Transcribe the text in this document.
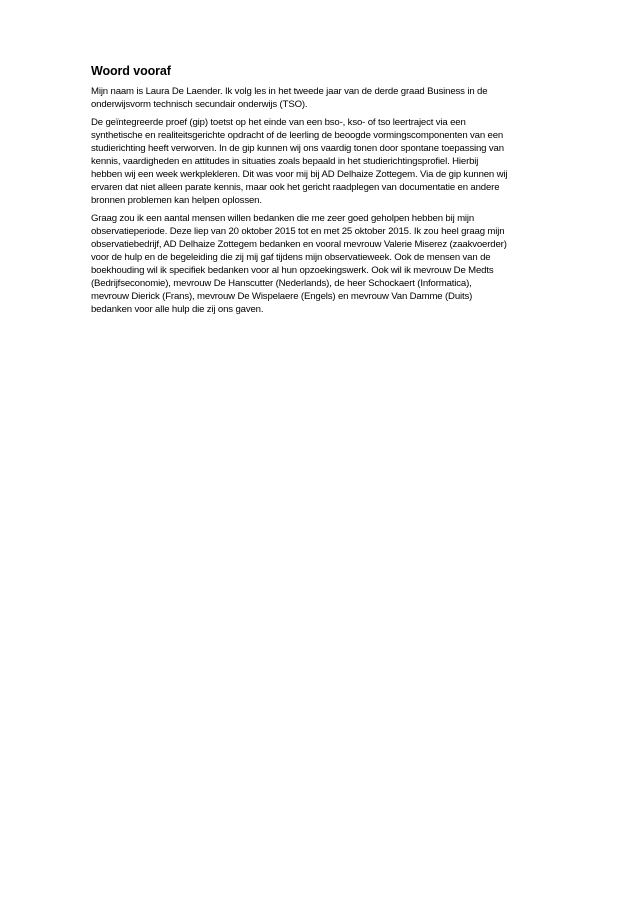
Woord vooraf
Mijn naam is Laura De Laender. Ik volg les in het tweede jaar van de derde graad Business in de
onderwijsvorm technisch secundair onderwijs (TSO).
De geïntegreerde proef (gip) toetst op het einde van een bso-, kso- of tso leertraject via een
synthetische en realiteitsgerichte opdracht of de leerling de beoogde vormingscomponenten van een
studierichting heeft verworven. In de gip kunnen wij ons vaardig tonen door spontane toepassing van
kennis, vaardigheden en attitudes in situaties zoals bepaald in het studierichtingsprofiel. Hierbij
hebben wij een week werkplekleren. Dit was voor mij bij AD Delhaize Zottegem. Via de gip kunnen wij
ervaren dat niet alleen parate kennis, maar ook het gericht raadplegen van documentatie en andere
bronnen problemen kan helpen oplossen.
Graag zou ik een aantal mensen willen bedanken die me zeer goed geholpen hebben bij mijn
observatieperiode. Deze liep van 20 oktober 2015 tot en met 25 oktober 2015. Ik zou heel graag mijn
observatiebedrijf, AD Delhaize Zottegem bedanken en vooral mevrouw Valerie Miserez (zaakvoerder)
voor de hulp en de begeleiding die zij mij gaf tijdens mijn observatieweek. Ook de mensen van de
boekhouding wil ik specifiek bedanken voor al hun opzoekingswerk. Ook wil ik mevrouw De Medts
(Bedrijfseconomie), mevrouw De Hanscutter (Nederlands), de heer Schockaert (Informatica),
mevrouw Dierick (Frans), mevrouw De Wispelaere (Engels) en mevrouw Van Damme (Duits)
bedanken voor alle hulp die zij ons gaven.
